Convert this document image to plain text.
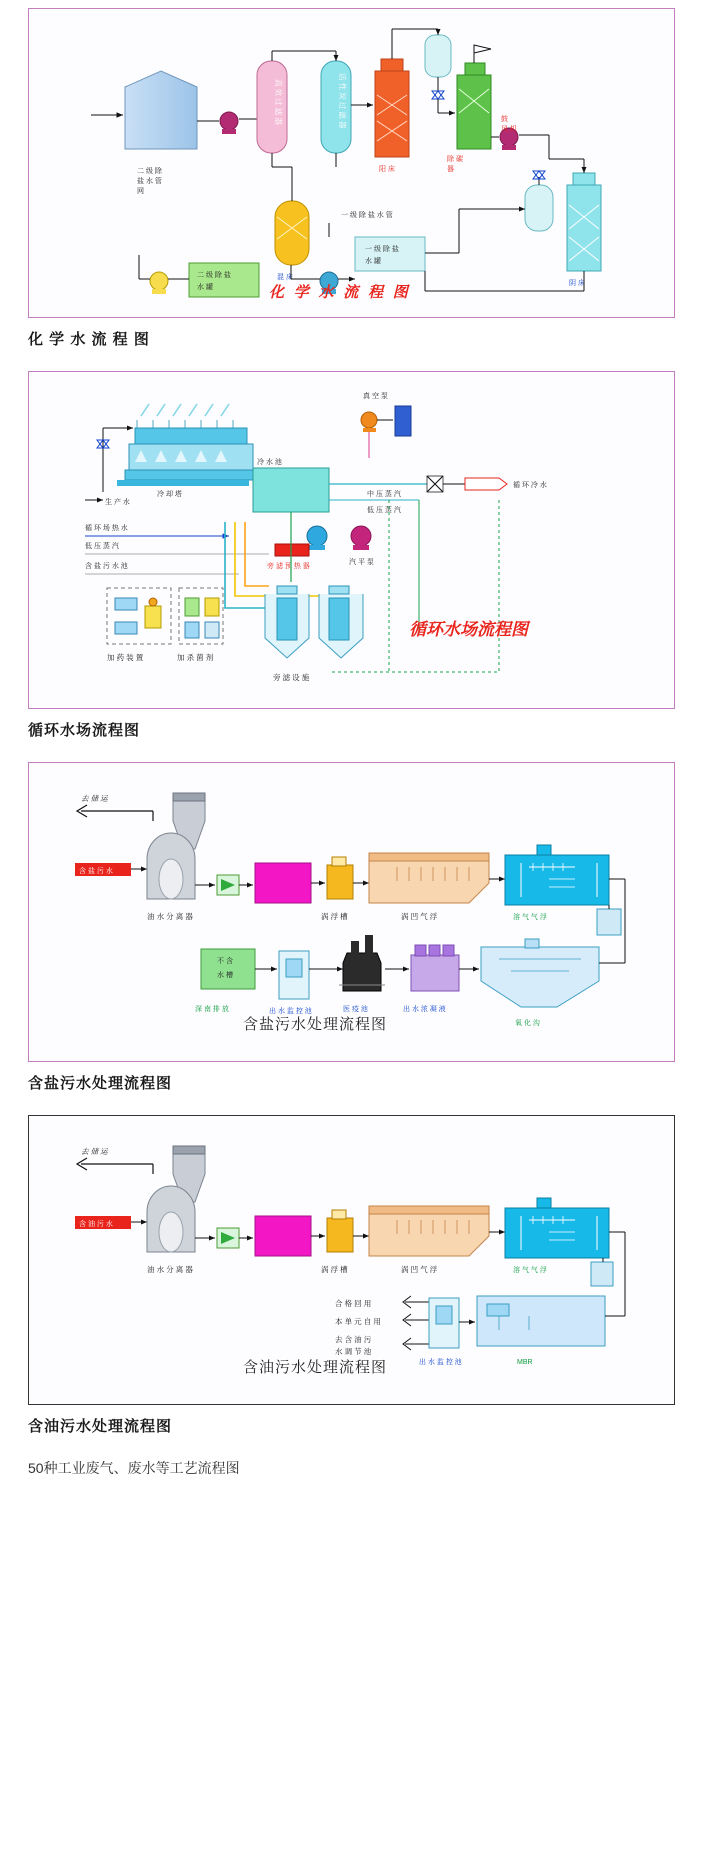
二 级 除
盐 水 管
网
高 效 过 滤 器	活 性 炭 过 滤 器
阳 床
除 碳
器
鼓
风 机
阴 床
混 床
一 级 除 盐
水 罐
二 级 除 盐
水 罐
一 级 除 盐 水 管
化 学 水 流 程 图
化 学 水 流 程 图
冷 却 塔
生 产 水
冷 水 池
真 空 泵
循 环 冷 水
中 压 蒸 汽
低 压 蒸 汽
汽 平 泵
旁 滤 预 热 器
循 环 场 热 水
低 压 蒸 汽
含 盐 污 水 池
加 药 装 置	加 杀 菌 剂
旁 滤 设 施
循环水场流程图
循环水场流程图
去 储 运
含 盐 污 水
油 水 分 离 器	涡 浮 槽	涡 凹 气 浮	溶 气 气 浮
不 含
水 槽
深 南 排 放	出 水 监 控 池	医 疫 池	出 水 浓 凝 液
氧 化 沟
含盐污水处理流程图
含盐污水处理流程图
去 储 运
含 油 污 水
油 水 分 离 器	涡 浮 槽	涡 凹 气 浮	溶 气 气 浮
合 格 回 用
本 单 元 自 用
去 含 油 污
水 调 节 池
出 水 监 控 池	MBR
含油污水处理流程图
含油污水处理流程图
50种工业废气、废水等工艺流程图
